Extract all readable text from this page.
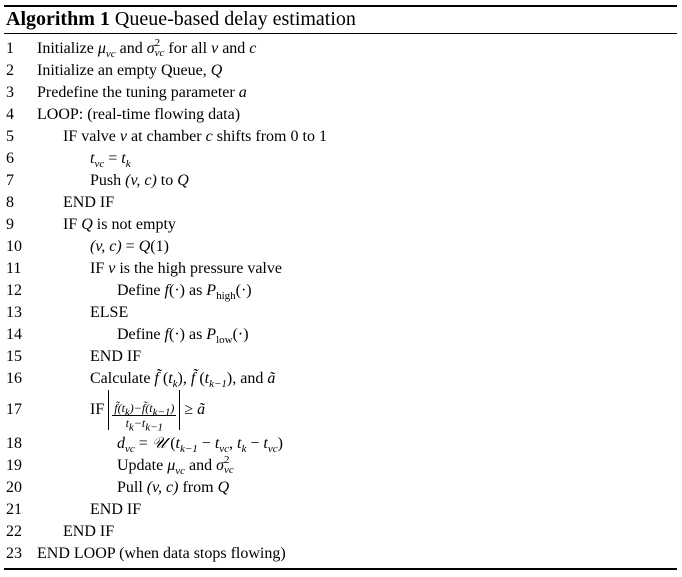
Algorithm 1 Queue-based delay estimation
1 Initialize $\mu_{vc}$ and σ 2
vc for all v and c
2 Initialize an empty Queue, Q
3 Predefine the tuning parameter a
4 LOOP: (real-time flowing data)
5	IF valve v at chamber c shifts from 0 to 1
6	$t_{vc} = t_k$
7	Push (v, c) to Q
8	END IF
9	IF Q is not empty
10	(v, c) = Q(1)
11	IF v is the high pressure valve
12	Define f(·) as $P_{high}(\cdot)$
13	ELSE
14	Define f(·) as $P_{low}(\cdot)$
15	END IF
16	Calculate f̃ $(t_k)$, f̃ $(t_{k-1})$, and ã
17	IF $\frac{f̃(t_k)-f̃(t_{k-1})}{t_k-t_{k-1}}$ ≥ ã
18	$d_{vc}$ = 𝒰 ($t_{k-1} - t_{vc}$, $t_k - t_{vc}$)
19	Update $\mu_{vc}$ and σ 2
vc
20	Pull (v, c) from Q
21	END IF
22	END IF
23 END LOOP (when data stops flowing)
